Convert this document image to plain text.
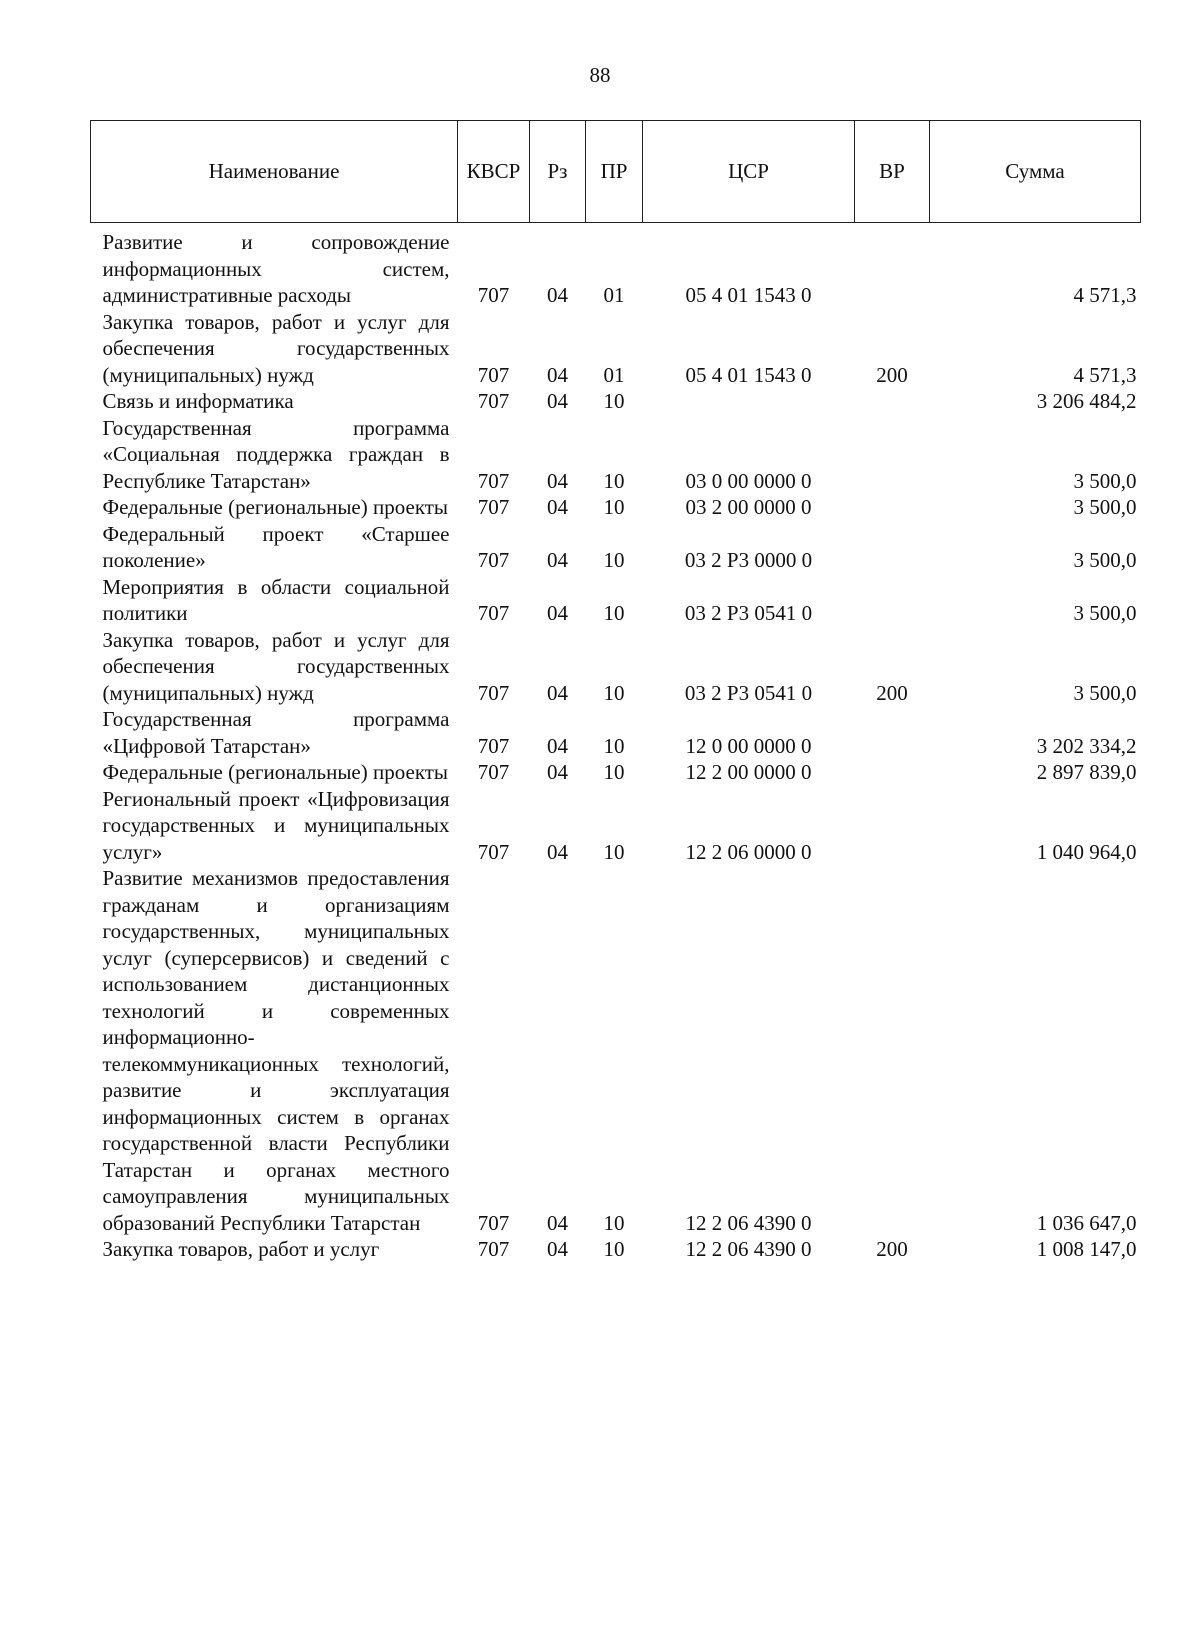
88
Наименование	КВСР	Рз	ПР	ЦСР	ВР	Сумма
Развитие и сопровождение информационных систем, административные расходы	707	04	01	05 4 01 1543 0		4 571,3
Закупка товаров, работ и услуг для обеспечения государственных (муниципальных) нужд	707	04	01	05 4 01 1543 0	200	4 571,3
Связь и информатика	707	04	10			3 206 484,2
Государственная программа «Социальная поддержка граждан в Республике Татарстан»	707	04	10	03 0 00 0000 0		3 500,0
Федеральные (региональные) проекты	707	04	10	03 2 00 0000 0		3 500,0
Федеральный проект «Старшее поколение»	707	04	10	03 2 P3 0000 0		3 500,0
Мероприятия в области социальной политики	707	04	10	03 2 P3 0541 0		3 500,0
Закупка товаров, работ и услуг для обеспечения государственных (муниципальных) нужд	707	04	10	03 2 P3 0541 0	200	3 500,0
Государственная программа «Цифровой Татарстан»	707	04	10	12 0 00 0000 0		3 202 334,2
Федеральные (региональные) проекты	707	04	10	12 2 00 0000 0		2 897 839,0
Региональный проект «Цифровизация государственных и муниципальных услуг»	707	04	10	12 2 06 0000 0		1 040 964,0
Развитие механизмов предоставления гражданам и организациям государственных, муниципальных услуг (суперсервисов) и сведений с использованием дистанционных технологий и современных информационно-телекоммуникационных технологий, развитие и эксплуатация информационных систем в органах государственной власти Республики Татарстан и органах местного самоуправления муниципальных образований Республики Татарстан	707	04	10	12 2 06 4390 0		1 036 647,0
Закупка товаров, работ и услуг	707	04	10	12 2 06 4390 0	200	1 008 147,0
